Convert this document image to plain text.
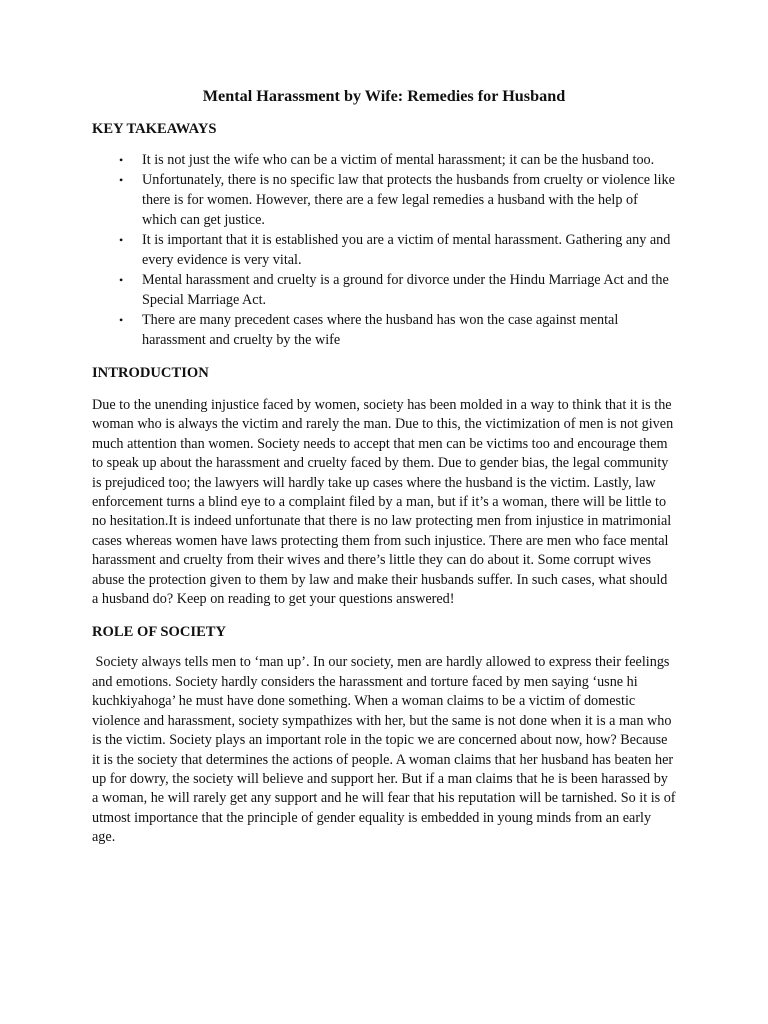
Mental Harassment by Wife: Remedies for Husband
KEY TAKEAWAYS
• It is not just the wife who can be a victim of mental harassment; it can be the husband too.
• Unfortunately, there is no specific law that protects the husbands from cruelty or violence like there is for women. However, there are a few legal remedies a husband with the help of which can get justice.
• It is important that it is established you are a victim of mental harassment. Gathering any and every evidence is very vital.
• Mental harassment and cruelty is a ground for divorce under the Hindu Marriage Act and the Special Marriage Act.
• There are many precedent cases where the husband has won the case against mental harassment and cruelty by the wife
INTRODUCTION

Due to the unending injustice faced by women, society has been molded in a way to think that it is the woman who is always the victim and rarely the man. Due to this, the victimization of men is not given much attention than women. Society needs to accept that men can be victims too and encourage them to speak up about the harassment and cruelty faced by them. Due to gender bias, the legal community is prejudiced too; the lawyers will hardly take up cases where the husband is the victim. Lastly, law enforcement turns a blind eye to a complaint filed by a man, but if it’s a woman, there will be little to no hesitation.It is indeed unfortunate that there is no law protecting men from injustice in matrimonial cases whereas women have laws protecting them from such injustice. There are men who face mental harassment and cruelty from their wives and there’s little they can do about it. Some corrupt wives abuse the protection given to them by law and make their husbands suffer. In such cases, what should a husband do? Keep on reading to get your questions answered!

ROLE OF SOCIETY

Society always tells men to ‘man up’. In our society, men are hardly allowed to express their feelings and emotions. Society hardly considers the harassment and torture faced by men saying ‘usne hi kuchkiyahoga’ he must have done something. When a woman claims to be a victim of domestic violence and harassment, society sympathizes with her, but the same is not done when it is a man who is the victim. Society plays an important role in the topic we are concerned about now, how? Because it is the society that determines the actions of people. A woman claims that her husband has beaten her up for dowry, the society will believe and support her. But if a man claims that he is been harassed by a woman, he will rarely get any support and he will fear that his reputation will be tarnished. So it is of utmost importance that the principle of gender equality is embedded in young minds from an early age.
